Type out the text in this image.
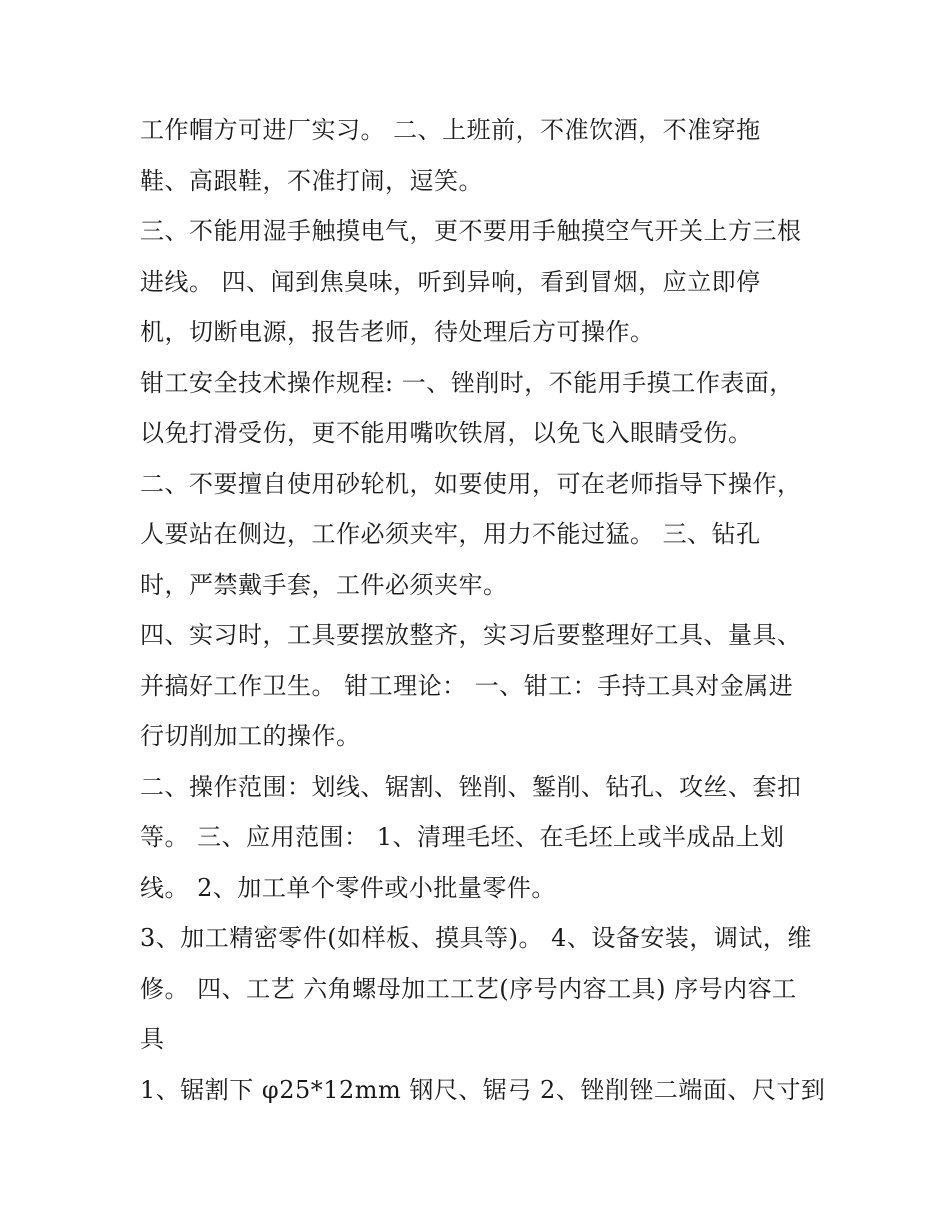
工作帽方可进厂实习。 二、上班前，不准饮酒，不准穿拖
鞋、高跟鞋，不准打闹，逗笑。
三、不能用湿手触摸电气，更不要用手触摸空气开关上方三根
进线。 四、闻到焦臭味，听到异响，看到冒烟，应立即停
机，切断电源，报告老师，待处理后方可操作。
钳工安全技术操作规程: 一、锉削时，不能用手摸工作表面，
以免打滑受伤，更不能用嘴吹铁屑，以免飞入眼睛受伤。
二、不要擅自使用砂轮机，如要使用，可在老师指导下操作，
人要站在侧边，工作必须夹牢，用力不能过猛。 三、钻孔
时，严禁戴手套，工件必须夹牢。
四、实习时，工具要摆放整齐，实习后要整理好工具、量具、
并搞好工作卫生。 钳工理论： 一、钳工：手持工具对金属进
行切削加工的操作。
二、操作范围：划线、锯割、锉削、錾削、钻孔、攻丝、套扣
等。 三、应用范围： 1、清理毛坯、在毛坯上或半成品上划
线。 2、加工单个零件或小批量零件。
3、加工精密零件(如样板、摸具等)。 4、设备安装，调试，维
修。 四、工艺 六角螺母加工工艺(序号内容工具) 序号内容工
具
1、锯割下 φ25*12mm 钢尺、锯弓 2、锉削锉二端面、尺寸到
